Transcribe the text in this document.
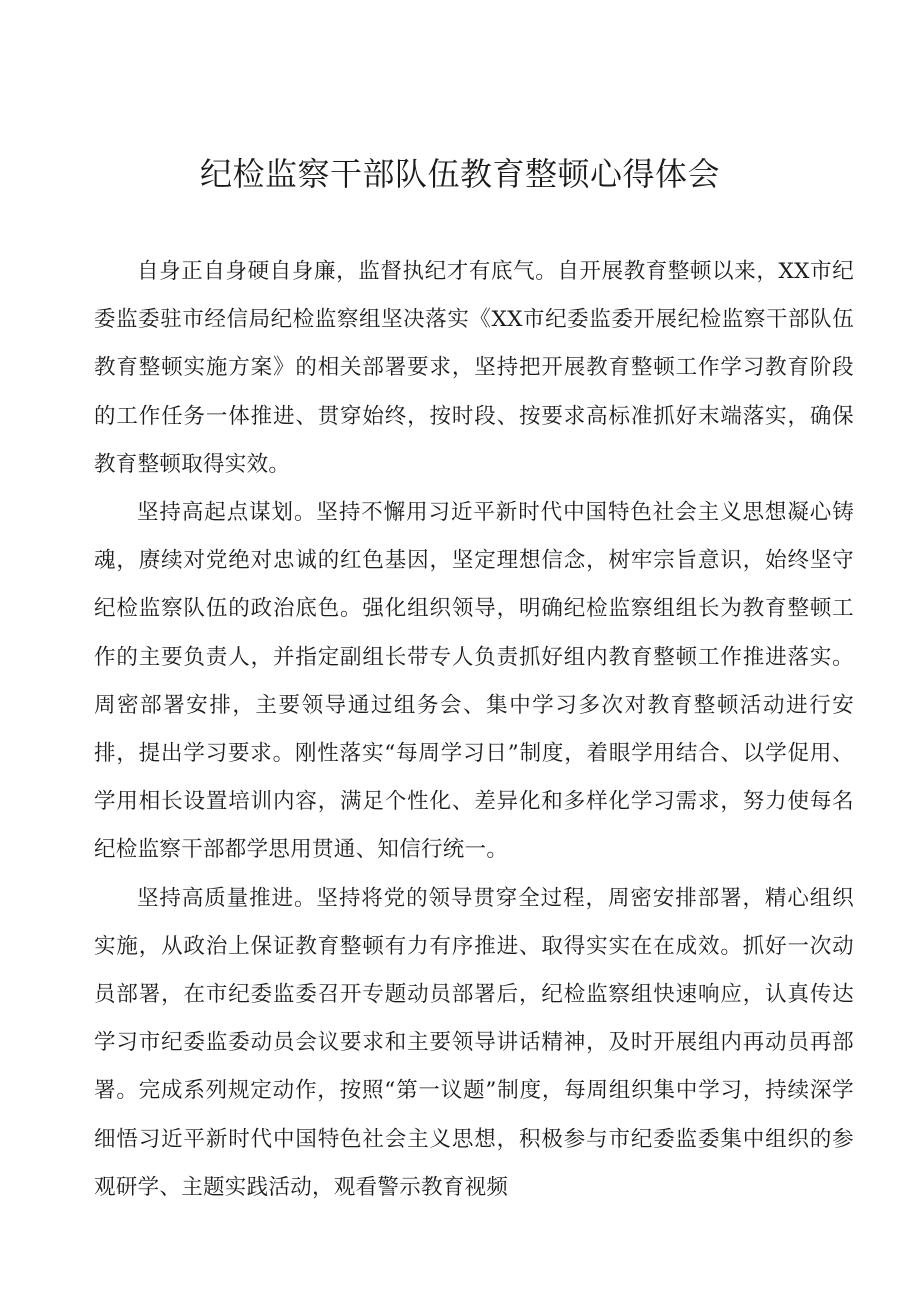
纪检监察干部队伍教育整顿心得体会

自身正自身硬自身廉，监督执纪才有底气。自开展教育整顿以来，XX市纪委监委驻市经信局纪检监察组坚决落实《XX市纪委监委开展纪检监察干部队伍教育整顿实施方案》的相关部署要求，坚持把开展教育整顿工作学习教育阶段的工作任务一体推进、贯穿始终，按时段、按要求高标准抓好末端落实，确保教育整顿取得实效。

坚持高起点谋划。坚持不懈用习近平新时代中国特色社会主义思想凝心铸魂，赓续对党绝对忠诚的红色基因，坚定理想信念，树牢宗旨意识，始终坚守纪检监察队伍的政治底色。强化组织领导，明确纪检监察组组长为教育整顿工作的主要负责人，并指定副组长带专人负责抓好组内教育整顿工作推进落实。周密部署安排，主要领导通过组务会、集中学习多次对教育整顿活动进行安排，提出学习要求。刚性落实“每周学习日”制度，着眼学用结合、以学促用、学用相长设置培训内容，满足个性化、差异化和多样化学习需求，努力使每名纪检监察干部都学思用贯通、知信行统一。

坚持高质量推进。坚持将党的领导贯穿全过程，周密安排部署，精心组织实施，从政治上保证教育整顿有力有序推进、取得实实在在成效。抓好一次动员部署，在市纪委监委召开专题动员部署后，纪检监察组快速响应，认真传达学习市纪委监委动员会议要求和主要领导讲话精神，及时开展组内再动员再部署。完成系列规定动作，按照“第一议题”制度，每周组织集中学习，持续深学细悟习近平新时代中国特色社会主义思想，积极参与市纪委监委集中组织的参观研学、主题实践活动，观看警示教育视频
